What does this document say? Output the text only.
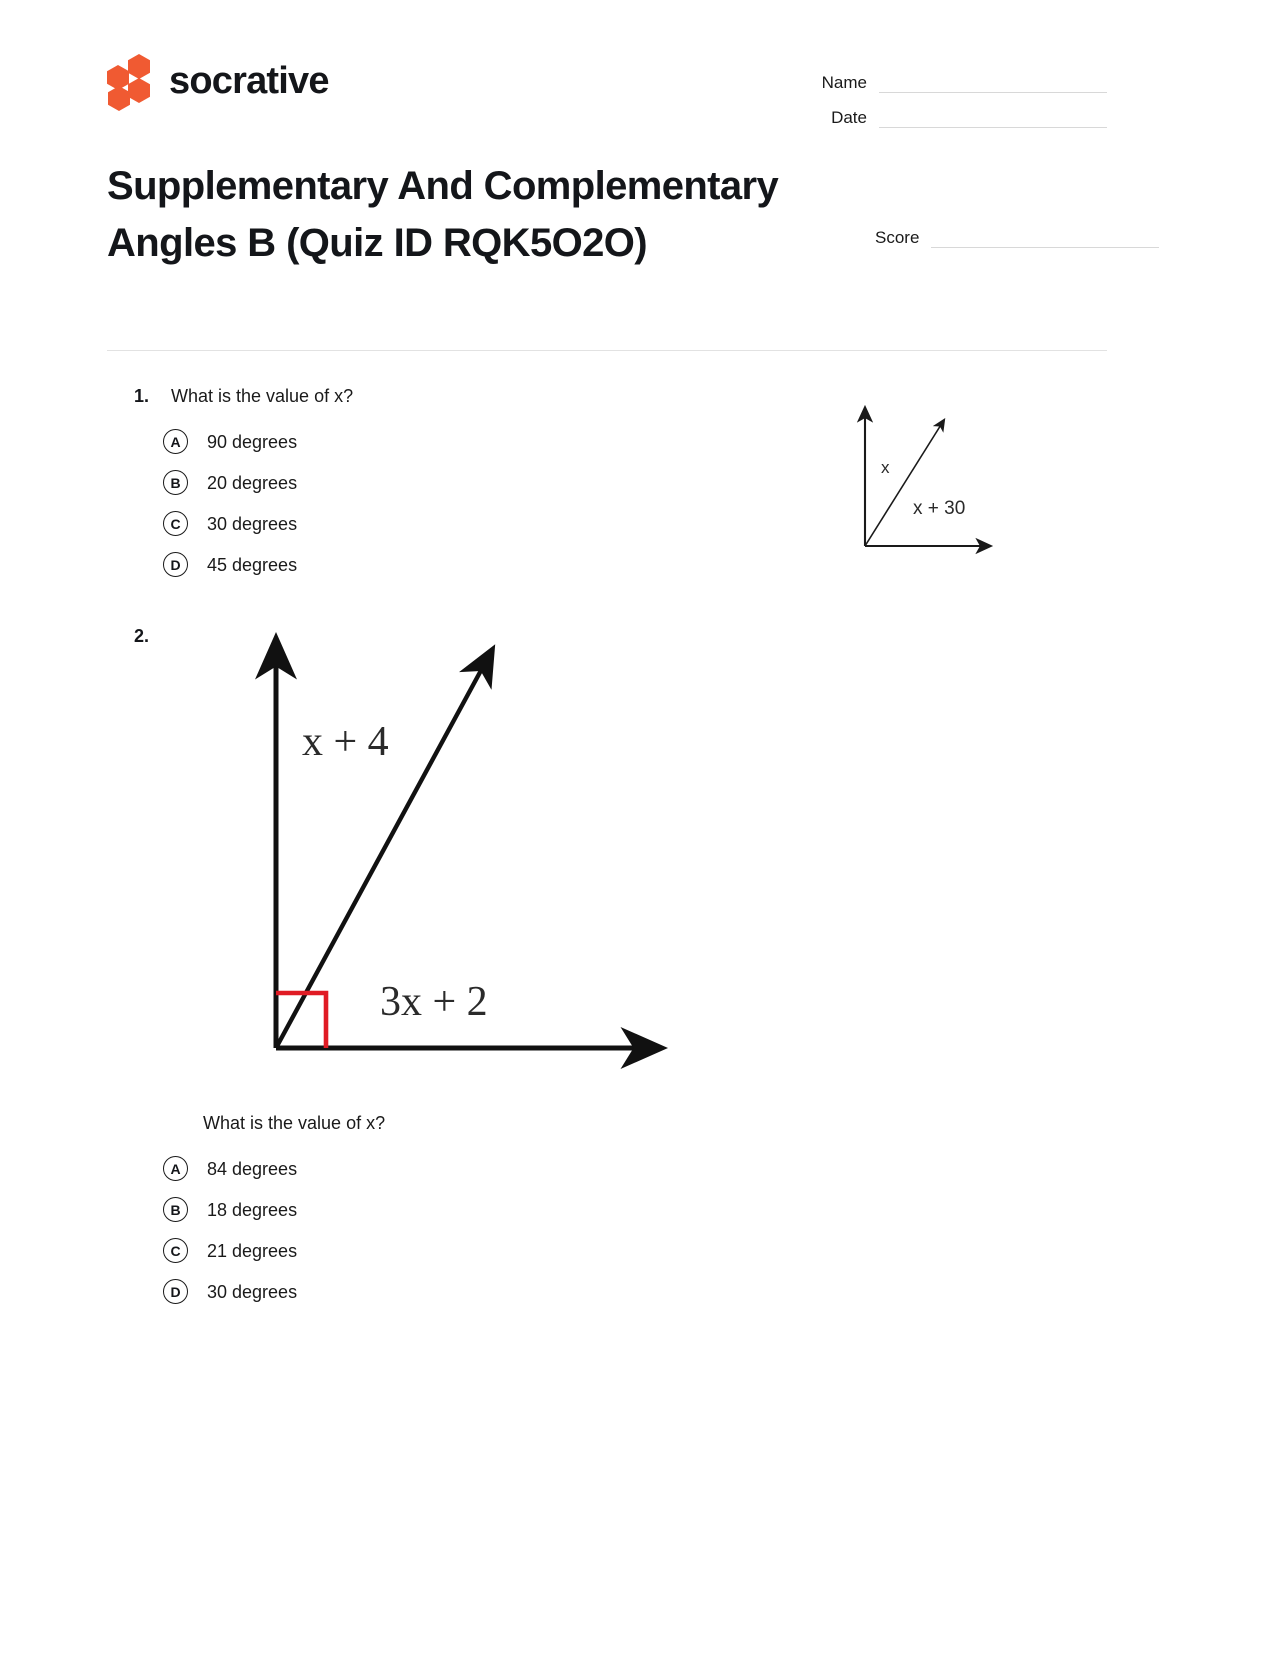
socrative	Name
Date
Supplementary And Complementary Angles B (Quiz ID RQK5O2O)	Score
1. What is the value of x?
A	90 degrees
B	20 degrees
C	30 degrees
D	45 degrees
x
x + 30
2.
x + 4
3x + 2
What is the value of x?
A	84 degrees
B	18 degrees
C	21 degrees
D	30 degrees
